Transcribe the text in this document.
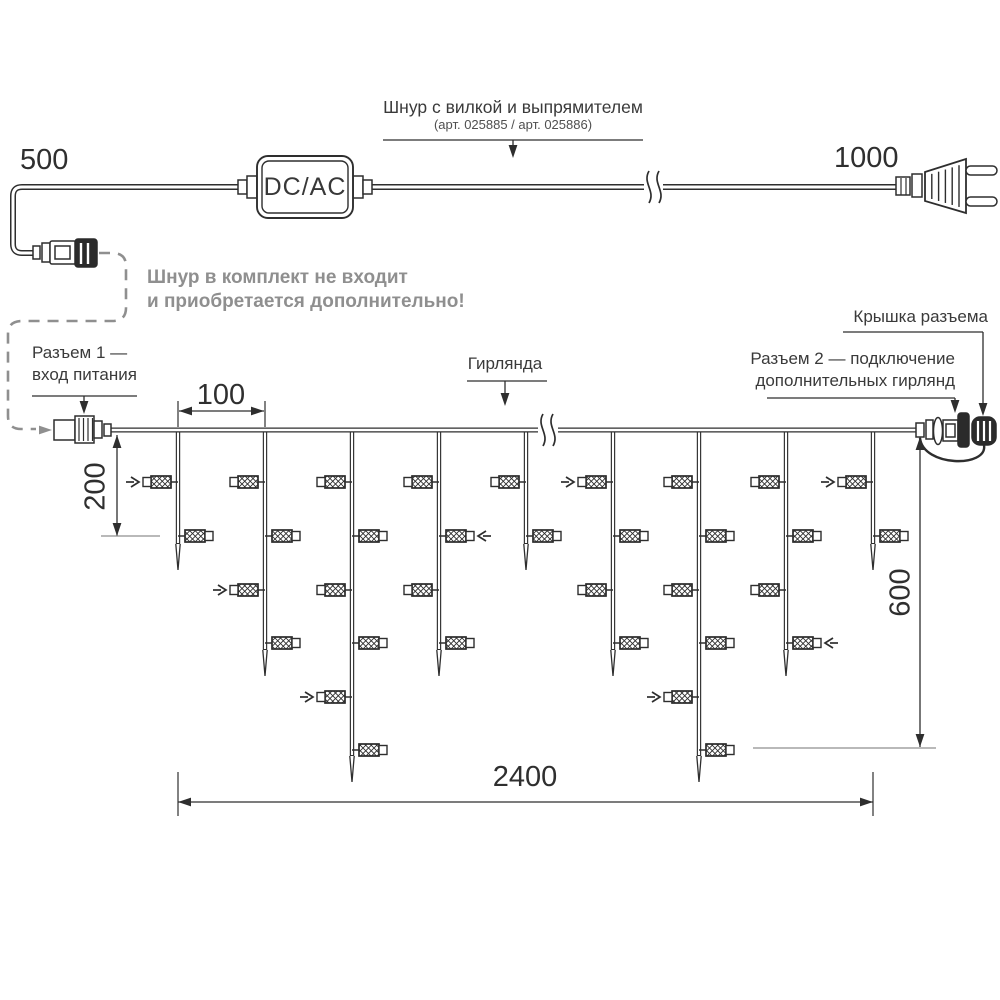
500	1000
DC/AC
Шнур с вилкой и выпрямителем
(арт. 025885 / арт. 025886)
Шнур в комплект не входит
и приобретается дополнительно!
Разъем 1 —
вход питания
Гирлянда	Разъем 2 — подключение
дополнительных гирлянд
Крышка разъема
100
200
600
2400
